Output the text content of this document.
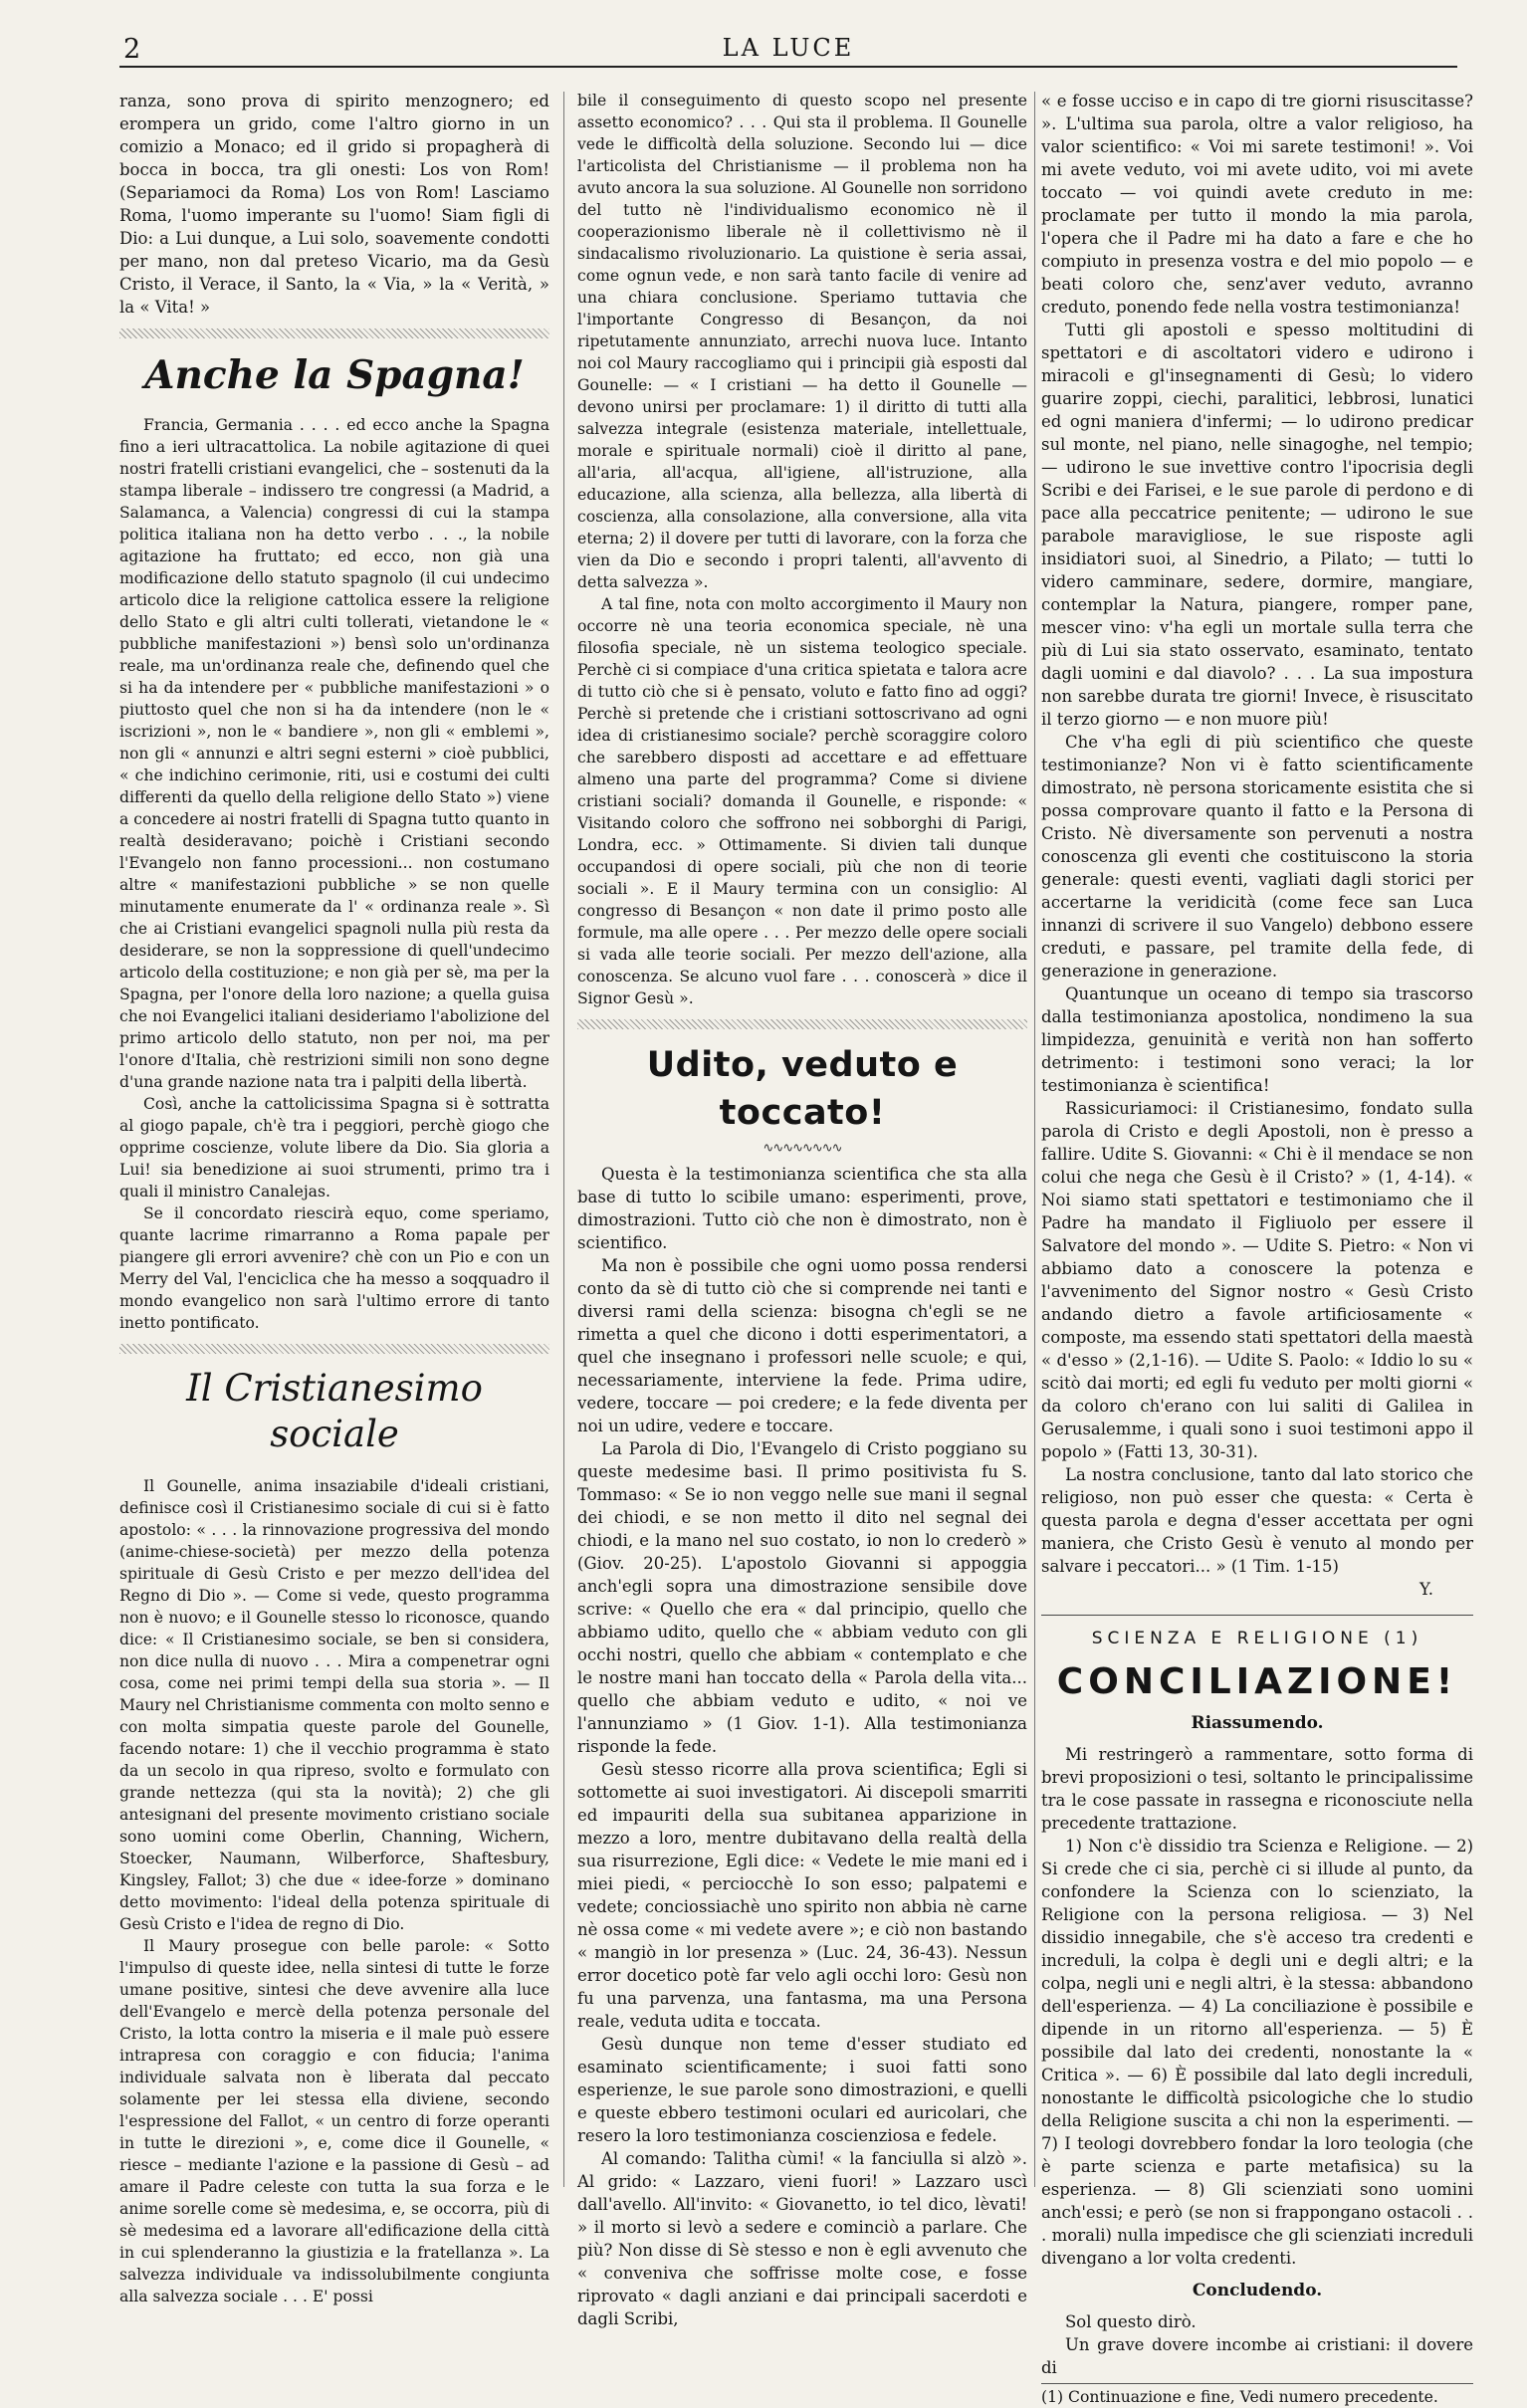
2	LA LUCE

ranza, sono prova di spirito menzognero; ed erompera un grido, come l'altro giorno in un comizio a Monaco; ed il grido si propagherà di bocca in bocca, tra gli onesti: Los von Rom! (Separiamoci da Roma) Los von Rom! Lasciamo Roma, l'uomo imperante su l'uomo! Siam figli di Dio: a Lui dunque, a Lui solo, soavemente condotti per mano, non dal preteso Vicario, ma da Gesù Cristo, il Verace, il Santo, la « Via, » la « Verità, » la « Vita! »

Anche la Spagna!

Francia, Germania . . . . ed ecco anche la Spagna fino a ieri ultracattolica. La nobile agitazione di quei nostri fratelli cristiani evangelici, che – sostenuti da la stampa liberale – indissero tre congressi (a Madrid, a Salamanca, a Valencia) congressi di cui la stampa politica italiana non ha detto verbo . . ., la nobile agitazione ha fruttato; ed ecco, non già una modificazione dello statuto spagnolo (il cui undecimo articolo dice la religione cattolica essere la religione dello Stato e gli altri culti tollerati, vietandone le « pubbliche manifestazioni ») bensì solo un'ordinanza reale, ma un'ordinanza reale che, definendo quel che si ha da intendere per « pubbliche manifestazioni » o piuttosto quel che non si ha da intendere (non le « iscrizioni », non le « bandiere », non gli « emblemi », non gli « annunzi e altri segni esterni » cioè pubblici, « che indichino cerimonie, riti, usi e costumi dei culti differenti da quello della religione dello Stato ») viene a concedere ai nostri fratelli di Spagna tutto quanto in realtà desideravano; poichè i Cristiani secondo l'Evangelo non fanno processioni... non costumano altre « manifestazioni pubbliche » se non quelle minutamente enumerate da l' « ordinanza reale ». Sì che ai Cristiani evangelici spagnoli nulla più resta da desiderare, se non la soppressione di quell'undecimo articolo della costituzione; e non già per sè, ma per la Spagna, per l'onore della loro nazione; a quella guisa che noi Evangelici italiani desideriamo l'abolizione del primo articolo dello statuto, non per noi, ma per l'onore d'Italia, chè restrizioni simili non sono degne d'una grande nazione nata tra i palpiti della libertà.

Così, anche la cattolicissima Spagna si è sottratta al giogo papale, ch'è tra i peggiori, perchè giogo che opprime coscienze, volute libere da Dio. Sia gloria a Lui! sia benedizione ai suoi strumenti, primo tra i quali il ministro Canalejas.

Se il concordato riescirà equo, come speriamo, quante lacrime rimarranno a Roma papale per piangere gli errori avvenire? chè con un Pio e con un Merry del Val, l'enciclica che ha messo a soqquadro il mondo evangelico non sarà l'ultimo errore di tanto inetto pontificato.

Il Cristianesimo sociale

Il Gounelle, anima insaziabile d'ideali cristiani, definisce così il Cristianesimo sociale di cui si è fatto apostolo: « . . . la rinnovazione progressiva del mondo (anime-chiese-società) per mezzo della potenza spirituale di Gesù Cristo e per mezzo dell'idea del Regno di Dio ». — Come si vede, questo programma non è nuovo; e il Gounelle stesso lo riconosce, quando dice: « Il Cristianesimo sociale, se ben si considera, non dice nulla di nuovo . . . Mira a compenetrar ogni cosa, come nei primi tempi della sua storia ». — Il Maury nel Christianisme commenta con molto senno e con molta simpatia queste parole del Gounelle, facendo notare: 1) che il vecchio programma è stato da un secolo in qua ripreso, svolto e formulato con grande nettezza (qui sta la novità); 2) che gli antesignani del presente movimento cristiano sociale sono uomini come Oberlin, Channing, Wichern, Stoecker, Naumann, Wilberforce, Shaftesbury, Kingsley, Fallot; 3) che due « idee-forze » dominano detto movimento: l'ideal della potenza spirituale di Gesù Cristo e l'idea de regno di Dio.

Il Maury prosegue con belle parole: « Sotto l'impulso di queste idee, nella sintesi di tutte le forze umane positive, sintesi che deve avvenire alla luce dell'Evangelo e mercè della potenza personale del Cristo, la lotta contro la miseria e il male può essere intrapresa con coraggio e con fiducia; l'anima individuale salvata non è liberata dal peccato solamente per lei stessa ella diviene, secondo l'espressione del Fallot, « un centro di forze operanti in tutte le direzioni », e, come dice il Gounelle, « riesce – mediante l'azione e la passione di Gesù – ad amare il Padre celeste con tutta la sua forza e le anime sorelle come sè medesima, e, se occorra, più di sè medesima ed a lavorare all'edificazione della città in cui splenderanno la giustizia e la fratellanza ». La salvezza individuale va indissolubilmente congiunta alla salvezza sociale . . . E' possi

bile il conseguimento di questo scopo nel presente assetto economico? . . . Qui sta il problema. Il Gounelle vede le difficoltà della soluzione. Secondo lui — dice l'articolista del Christianisme — il problema non ha avuto ancora la sua soluzione. Al Gounelle non sorridono del tutto nè l'individualismo economico nè il cooperazionismo liberale nè il collettivismo nè il sindacalismo rivoluzionario. La quistione è seria assai, come ognun vede, e non sarà tanto facile di venire ad una chiara conclusione. Speriamo tuttavia che l'importante Congresso di Besançon, da noi ripetutamente annunziato, arrechi nuova luce. Intanto noi col Maury raccogliamo qui i principii già esposti dal Gounelle: — « I cristiani — ha detto il Gounelle — devono unirsi per proclamare: 1) il diritto di tutti alla salvezza integrale (esistenza materiale, intellettuale, morale e spirituale normali) cioè il diritto al pane, all'aria, all'acqua, all'igiene, all'istruzione, alla educazione, alla scienza, alla bellezza, alla libertà di coscienza, alla consolazione, alla conversione, alla vita eterna; 2) il dovere per tutti di lavorare, con la forza che vien da Dio e secondo i propri talenti, all'avvento di detta salvezza ».

A tal fine, nota con molto accorgimento il Maury non occorre nè una teoria economica speciale, nè una filosofia speciale, nè un sistema teologico speciale. Perchè ci si compiace d'una critica spietata e talora acre di tutto ciò che si è pensato, voluto e fatto fino ad oggi? Perchè si pretende che i cristiani sottoscrivano ad ogni idea di cristianesimo sociale? perchè scoraggire coloro che sarebbero disposti ad accettare e ad effettuare almeno una parte del programma? Come si diviene cristiani sociali? domanda il Gounelle, e risponde: « Visitando coloro che soffrono nei sobborghi di Parigi, Londra, ecc. » Ottimamente. Si divien tali dunque occupandosi di opere sociali, più che non di teorie sociali ». E il Maury termina con un consiglio: Al congresso di Besançon « non date il primo posto alle formule, ma alle opere . . . Per mezzo delle opere sociali si vada alle teorie sociali. Per mezzo dell'azione, alla conoscenza. Se alcuno vuol fare . . . conoscerà » dice il Signor Gesù ».

Udito, veduto e toccato!
∿∿∿∿∿∿∿∿

Questa è la testimonianza scientifica che sta alla base di tutto lo scibile umano: esperimenti, prove, dimostrazioni. Tutto ciò che non è dimostrato, non è scientifico.

Ma non è possibile che ogni uomo possa rendersi conto da sè di tutto ciò che si comprende nei tanti e diversi rami della scienza: bisogna ch'egli se ne rimetta a quel che dicono i dotti esperimentatori, a quel che insegnano i professori nelle scuole; e qui, necessariamente, interviene la fede. Prima udire, vedere, toccare — poi credere; e la fede diventa per noi un udire, vedere e toccare.

La Parola di Dio, l'Evangelo di Cristo poggiano su queste medesime basi. Il primo positivista fu S. Tommaso: « Se io non veggo nelle sue mani il segnal dei chiodi, e se non metto il dito nel segnal dei chiodi, e la mano nel suo costato, io non lo crederò » (Giov. 20-25). L'apostolo Giovanni si appoggia anch'egli sopra una dimostrazione sensibile dove scrive: « Quello che era « dal principio, quello che abbiamo udito, quello che « abbiam veduto con gli occhi nostri, quello che abbiam « contemplato e che le nostre mani han toccato della « Parola della vita... quello che abbiam veduto e udito, « noi ve l'annunziamo » (1 Giov. 1-1). Alla testimonianza risponde la fede.

Gesù stesso ricorre alla prova scientifica; Egli si sottomette ai suoi investigatori. Ai discepoli smarriti ed impauriti della sua subitanea apparizione in mezzo a loro, mentre dubitavano della realtà della sua risurrezione, Egli dice: « Vedete le mie mani ed i miei piedi, « perciocchè Io son esso; palpatemi e vedete; conciossiachè uno spirito non abbia nè carne nè ossa come « mi vedete avere »; e ciò non bastando « mangiò in lor presenza » (Luc. 24, 36-43). Nessun error docetico potè far velo agli occhi loro: Gesù non fu una parvenza, una fantasma, ma una Persona reale, veduta udita e toccata.

Gesù dunque non teme d'esser studiato ed esaminato scientificamente; i suoi fatti sono esperienze, le sue parole sono dimostrazioni, e quelli e queste ebbero testimoni oculari ed auricolari, che resero la loro testimonianza coscienziosa e fedele.

Al comando: Talitha cùmi! « la fanciulla si alzò ». Al grido: « Lazzaro, vieni fuori! » Lazzaro uscì dall'avello. All'invito: « Giovanetto, io tel dico, lèvati! » il morto si levò a sedere e cominciò a parlare. Che più? Non disse di Sè stesso e non è egli avvenuto che « conveniva che soffrisse molte cose, e fosse riprovato « dagli anziani e dai principali sacerdoti e dagli Scribi,

« e fosse ucciso e in capo di tre giorni risuscitasse? ». L'ultima sua parola, oltre a valor religioso, ha valor scientifico: « Voi mi sarete testimoni! ». Voi mi avete veduto, voi mi avete udito, voi mi avete toccato — voi quindi avete creduto in me: proclamate per tutto il mondo la mia parola, l'opera che il Padre mi ha dato a fare e che ho compiuto in presenza vostra e del mio popolo — e beati coloro che, senz'aver veduto, avranno creduto, ponendo fede nella vostra testimonianza!

Tutti gli apostoli e spesso moltitudini di spettatori e di ascoltatori videro e udirono i miracoli e gl'insegnamenti di Gesù; lo videro guarire zoppi, ciechi, paralitici, lebbrosi, lunatici ed ogni maniera d'infermi; — lo udirono predicar sul monte, nel piano, nelle sinagoghe, nel tempio; — udirono le sue invettive contro l'ipocrisia degli Scribi e dei Farisei, e le sue parole di perdono e di pace alla peccatrice penitente; — udirono le sue parabole maravigliose, le sue risposte agli insidiatori suoi, al Sinedrio, a Pilato; — tutti lo videro camminare, sedere, dormire, mangiare, contemplar la Natura, piangere, romper pane, mescer vino: v'ha egli un mortale sulla terra che più di Lui sia stato osservato, esaminato, tentato dagli uomini e dal diavolo? . . . La sua impostura non sarebbe durata tre giorni! Invece, è risuscitato il terzo giorno — e non muore più!

Che v'ha egli di più scientifico che queste testimonianze? Non vi è fatto scientificamente dimostrato, nè persona storicamente esistita che si possa comprovare quanto il fatto e la Persona di Cristo. Nè diversamente son pervenuti a nostra conoscenza gli eventi che costituiscono la storia generale: questi eventi, vagliati dagli storici per accertarne la veridicità (come fece san Luca innanzi di scrivere il suo Vangelo) debbono essere creduti, e passare, pel tramite della fede, di generazione in generazione.

Quantunque un oceano di tempo sia trascorso dalla testimonianza apostolica, nondimeno la sua limpidezza, genuinità e verità non han sofferto detrimento: i testimoni sono veraci; la lor testimonianza è scientifica!

Rassicuriamoci: il Cristianesimo, fondato sulla parola di Cristo e degli Apostoli, non è presso a fallire. Udite S. Giovanni: « Chi è il mendace se non colui che nega che Gesù è il Cristo? » (1, 4-14). « Noi siamo stati spettatori e testimoniamo che il Padre ha mandato il Figliuolo per essere il Salvatore del mondo ». — Udite S. Pietro: « Non vi abbiamo dato a conoscere la potenza e l'avvenimento del Signor nostro « Gesù Cristo andando dietro a favole artificiosamente « composte, ma essendo stati spettatori della maestà « d'esso » (2,1-16). — Udite S. Paolo: « Iddio lo su « scitò dai morti; ed egli fu veduto per molti giorni « da coloro ch'erano con lui saliti di Galilea in Gerusalemme, i quali sono i suoi testimoni appo il popolo » (Fatti 13, 30-31).

La nostra conclusione, tanto dal lato storico che religioso, non può esser che questa: « Certa è questa parola e degna d'esser accettata per ogni maniera, che Cristo Gesù è venuto al mondo per salvare i peccatori... » (1 Tim. 1-15)

Y.
SCIENZA E RELIGIONE (1)
CONCILIAZIONE!
Riassumendo.

Mi restringerò a rammentare, sotto forma di brevi proposizioni o tesi, soltanto le principalissime tra le cose passate in rassegna e riconosciute nella precedente trattazione.

1) Non c'è dissidio tra Scienza e Religione. — 2) Si crede che ci sia, perchè ci si illude al punto, da confondere la Scienza con lo scienziato, la Religione con la persona religiosa. — 3) Nel dissidio innegabile, che s'è acceso tra credenti e increduli, la colpa è degli uni e degli altri; e la colpa, negli uni e negli altri, è la stessa: abbandono dell'esperienza. — 4) La conciliazione è possibile e dipende in un ritorno all'esperienza. — 5) È possibile dal lato dei credenti, nonostante la « Critica ». — 6) È possibile dal lato degli increduli, nonostante le difficoltà psicologiche che lo studio della Religione suscita a chi non la esperimenti. — 7) I teologi dovrebbero fondar la loro teologia (che è parte scienza e parte metafisica) su la esperienza. — 8) Gli scienziati sono uomini anch'essi; e però (se non si frappongano ostacoli . . . morali) nulla impedisce che gli scienziati increduli divengano a lor volta credenti.

Concludendo.

Sol questo dirò.

Un grave dovere incombe ai cristiani: il dovere di

(1) Continuazione e fine, Vedi numero precedente.
